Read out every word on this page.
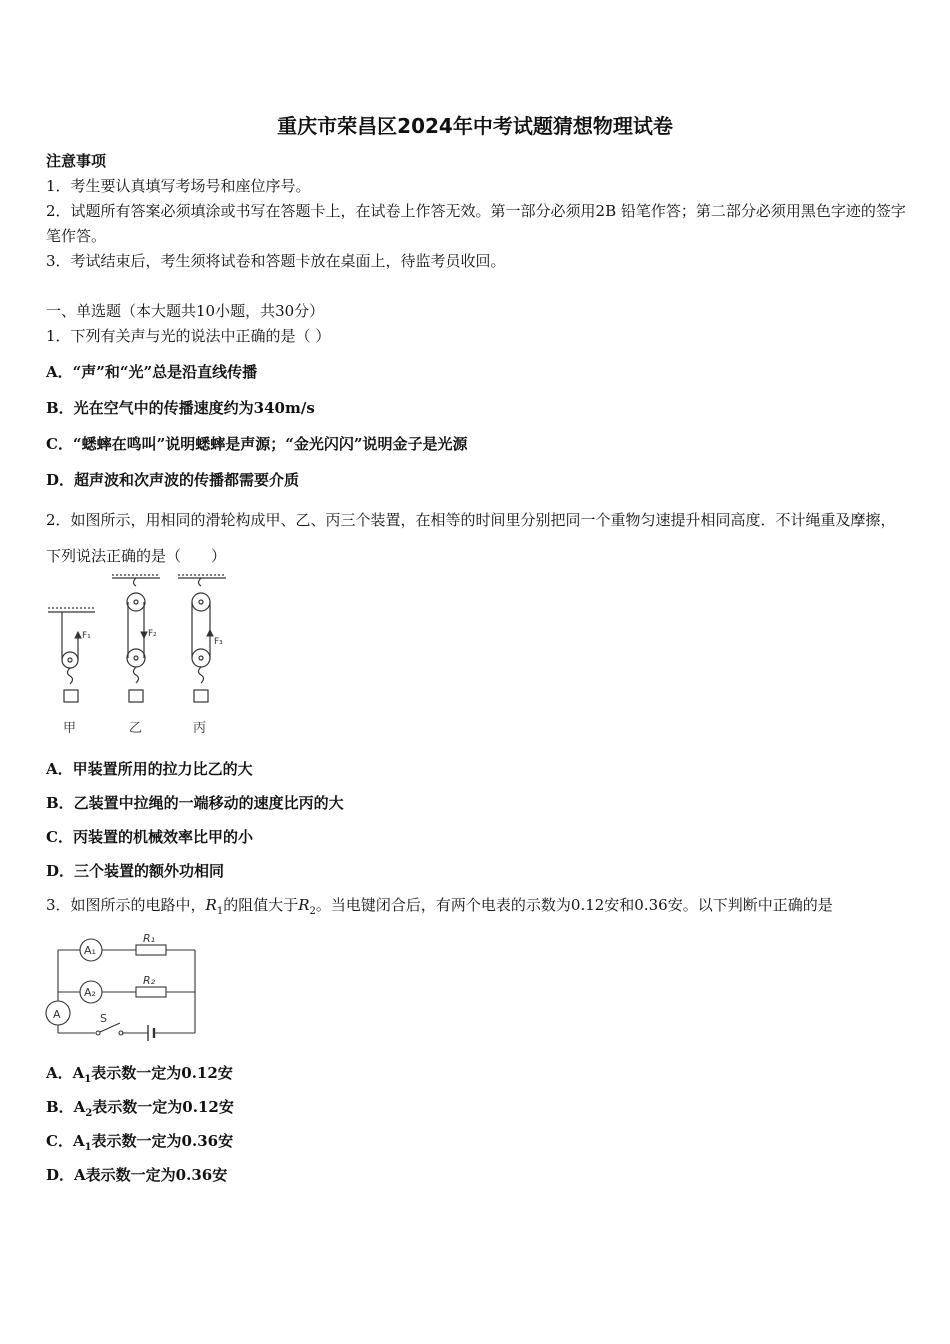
重庆市荣昌区2024年中考试题猜想物理试卷
注意事项
1．考生要认真填写考场号和座位序号。
2．试题所有答案必须填涂或书写在答题卡上，在试卷上作答无效。第一部分必须用2B 铅笔作答；第二部分必须用黑色字迹的签字笔作答。
3．考试结束后，考生须将试卷和答题卡放在桌面上，待监考员收回。
一、单选题（本大题共10小题，共30分）
1．下列有关声与光的说法中正确的是（ ）
A．“声”和“光”总是沿直线传播
B．光在空气中的传播速度约为340m/s
C．“蟋蟀在鸣叫”说明蟋蟀是声源；“金光闪闪”说明金子是光源
D．超声波和次声波的传播都需要介质
2．如图所示，用相同的滑轮构成甲、乙、丙三个装置，在相等的时间里分别把同一个重物匀速提升相同高度．不计绳重及摩擦，下列说法正确的是（　　）
F₁	F₂
F₃
甲	乙	丙
A．甲装置所用的拉力比乙的大
B．乙装置中拉绳的一端移动的速度比丙的大
C．丙装置的机械效率比甲的小
D．三个装置的额外功相同
3．如图所示的电路中，$R_1$的阻值大于$R_2$。当电键闭合后，有两个电表的示数为0.12安和0.36安。以下判断中正确的是
A₁
A₂
A
R₁
R₂
S
A．$A_1$表示数一定为0.12安
B．$A_2$表示数一定为0.12安
C．$A_1$表示数一定为0.36安
D．A表示数一定为0.36安
